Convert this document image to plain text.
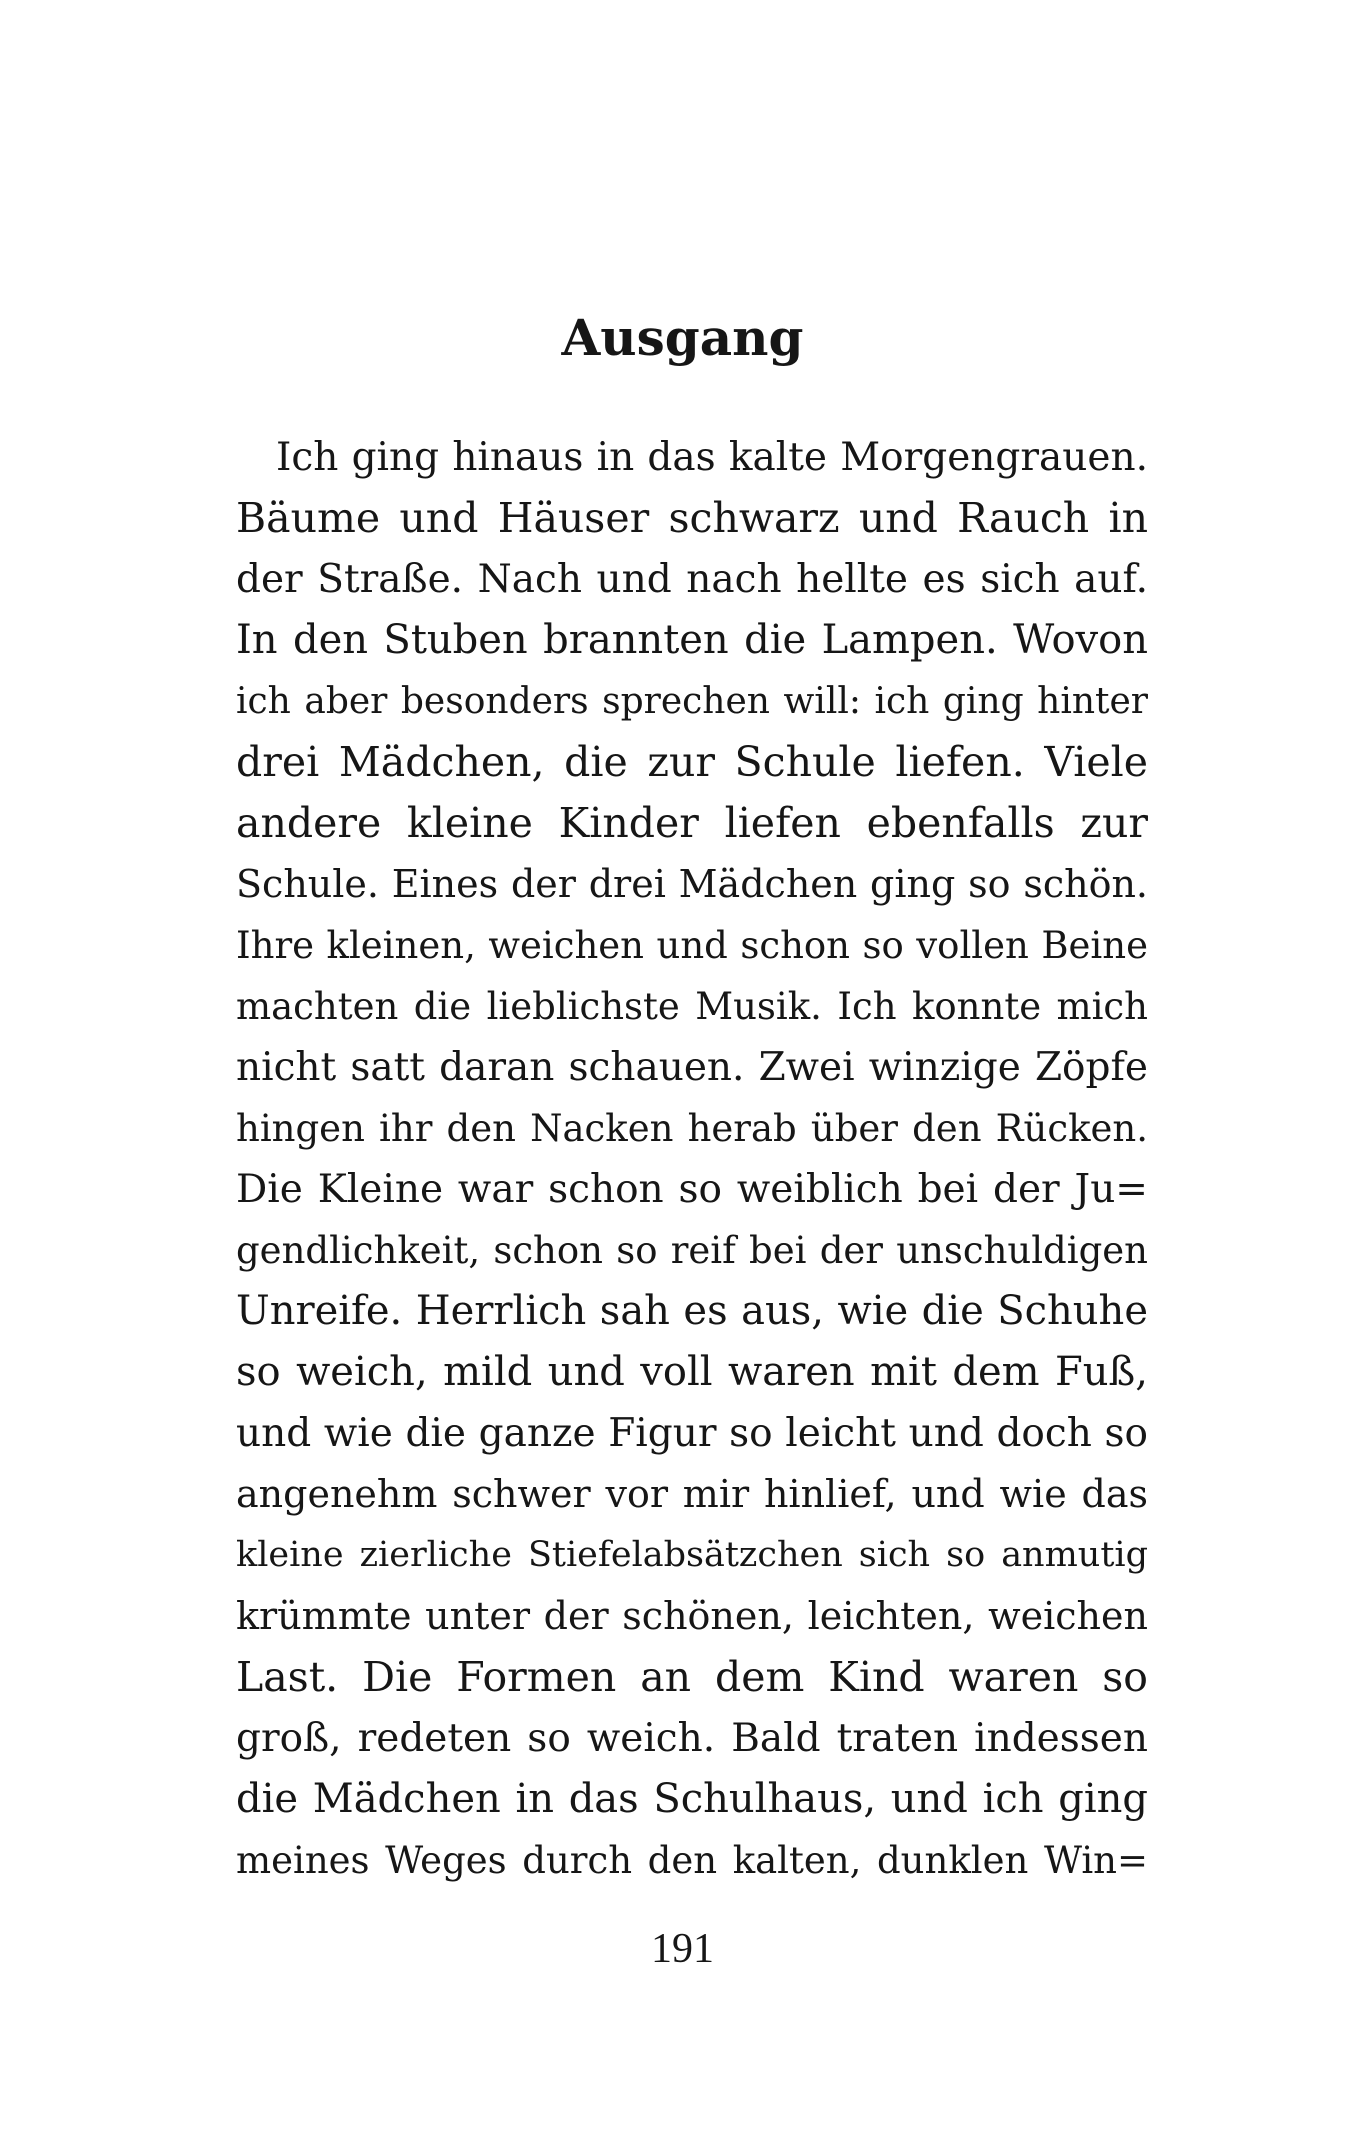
Ausgang
Ich ging hinaus in das kalte Morgengrauen.
Bäume und Häuser schwarz und Rauch in
der Straße. Nach und nach hellte es sich auf.
In den Stuben brannten die Lampen. Wovon
ich aber besonders sprechen will: ich ging hinter
drei Mädchen, die zur Schule liefen. Viele
andere kleine Kinder liefen ebenfalls zur
Schule. Eines der drei Mädchen ging so schön.
Ihre kleinen, weichen und schon so vollen Beine
machten die lieblichste Musik. Ich konnte mich
nicht satt daran schauen. Zwei winzige Zöpfe
hingen ihr den Nacken herab über den Rücken.
Die Kleine war schon so weiblich bei der Ju=
gendlichkeit, schon so reif bei der unschuldigen
Unreife. Herrlich sah es aus, wie die Schuhe
so weich, mild und voll waren mit dem Fuß,
und wie die ganze Figur so leicht und doch so
angenehm schwer vor mir hinlief, und wie das
kleine zierliche Stiefelabsätzchen sich so anmutig
krümmte unter der schönen, leichten, weichen
Last. Die Formen an dem Kind waren so
groß, redeten so weich. Bald traten indessen
die Mädchen in das Schulhaus, und ich ging
meines Weges durch den kalten, dunklen Win=
191
